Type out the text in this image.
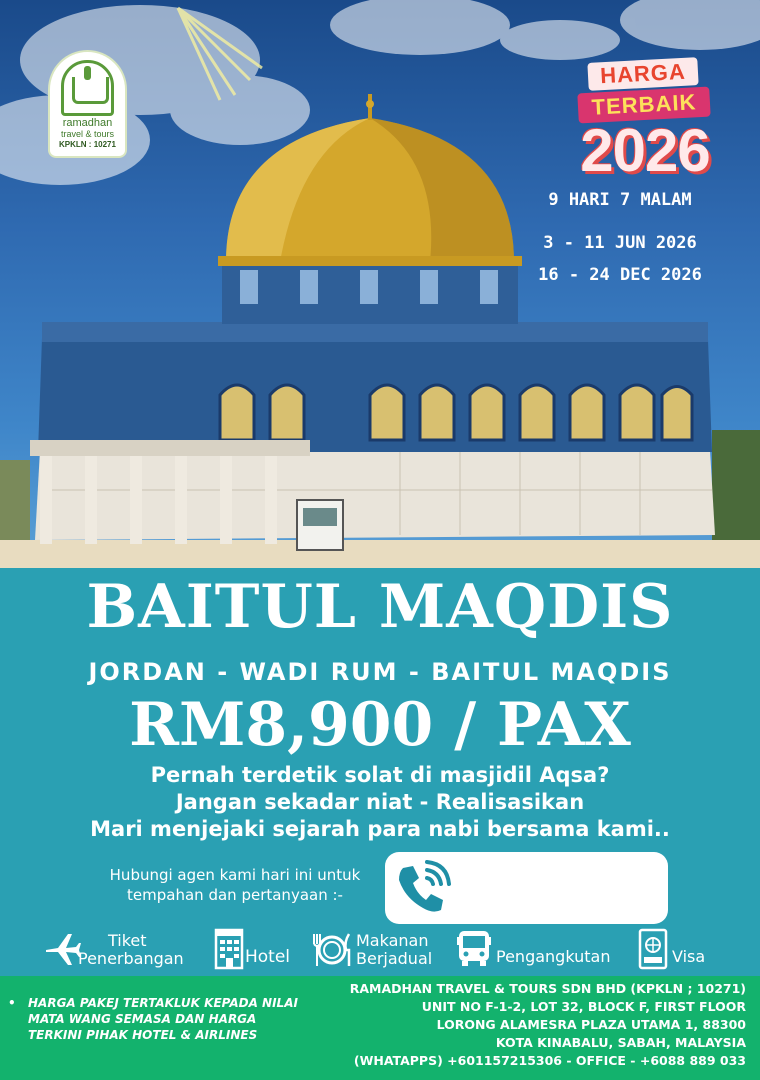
ramadhan
travel & tours
KPKLN : 10271
HARGA
TERBAIK
2026
9 HARI 7 MALAM
3 - 11 JUN 2026
16 - 24 DEC 2026
BAITUL MAQDIS
JORDAN - WADI RUM - BAITUL MAQDIS
RM8,900 / PAX
Pernah terdetik solat di masjidil Aqsa?
Jangan sekadar niat - Realisasikan
Mari menjejaki sejarah para nabi bersama kami..
Hubungi agen kami hari ini untuk
tempahan dan pertanyaan :-
Tiket
Penerbangan	Hotel
Makanan
Berjadual	Pengangkutan	Visa
• HARGA PAKEJ TERTAKLUK KEPADA NILAI
MATA WANG SEMASA DAN HARGA
TERKINI PIHAK HOTEL & AIRLINES
RAMADHAN TRAVEL & TOURS SDN BHD (KPKLN ; 10271)
UNIT NO F-1-2, LOT 32, BLOCK F, FIRST FLOOR
LORONG ALAMESRA PLAZA UTAMA 1, 88300
KOTA KINABALU, SABAH, MALAYSIA
(WHATAPPS) +601157215306 - OFFICE - +6088 889 033
